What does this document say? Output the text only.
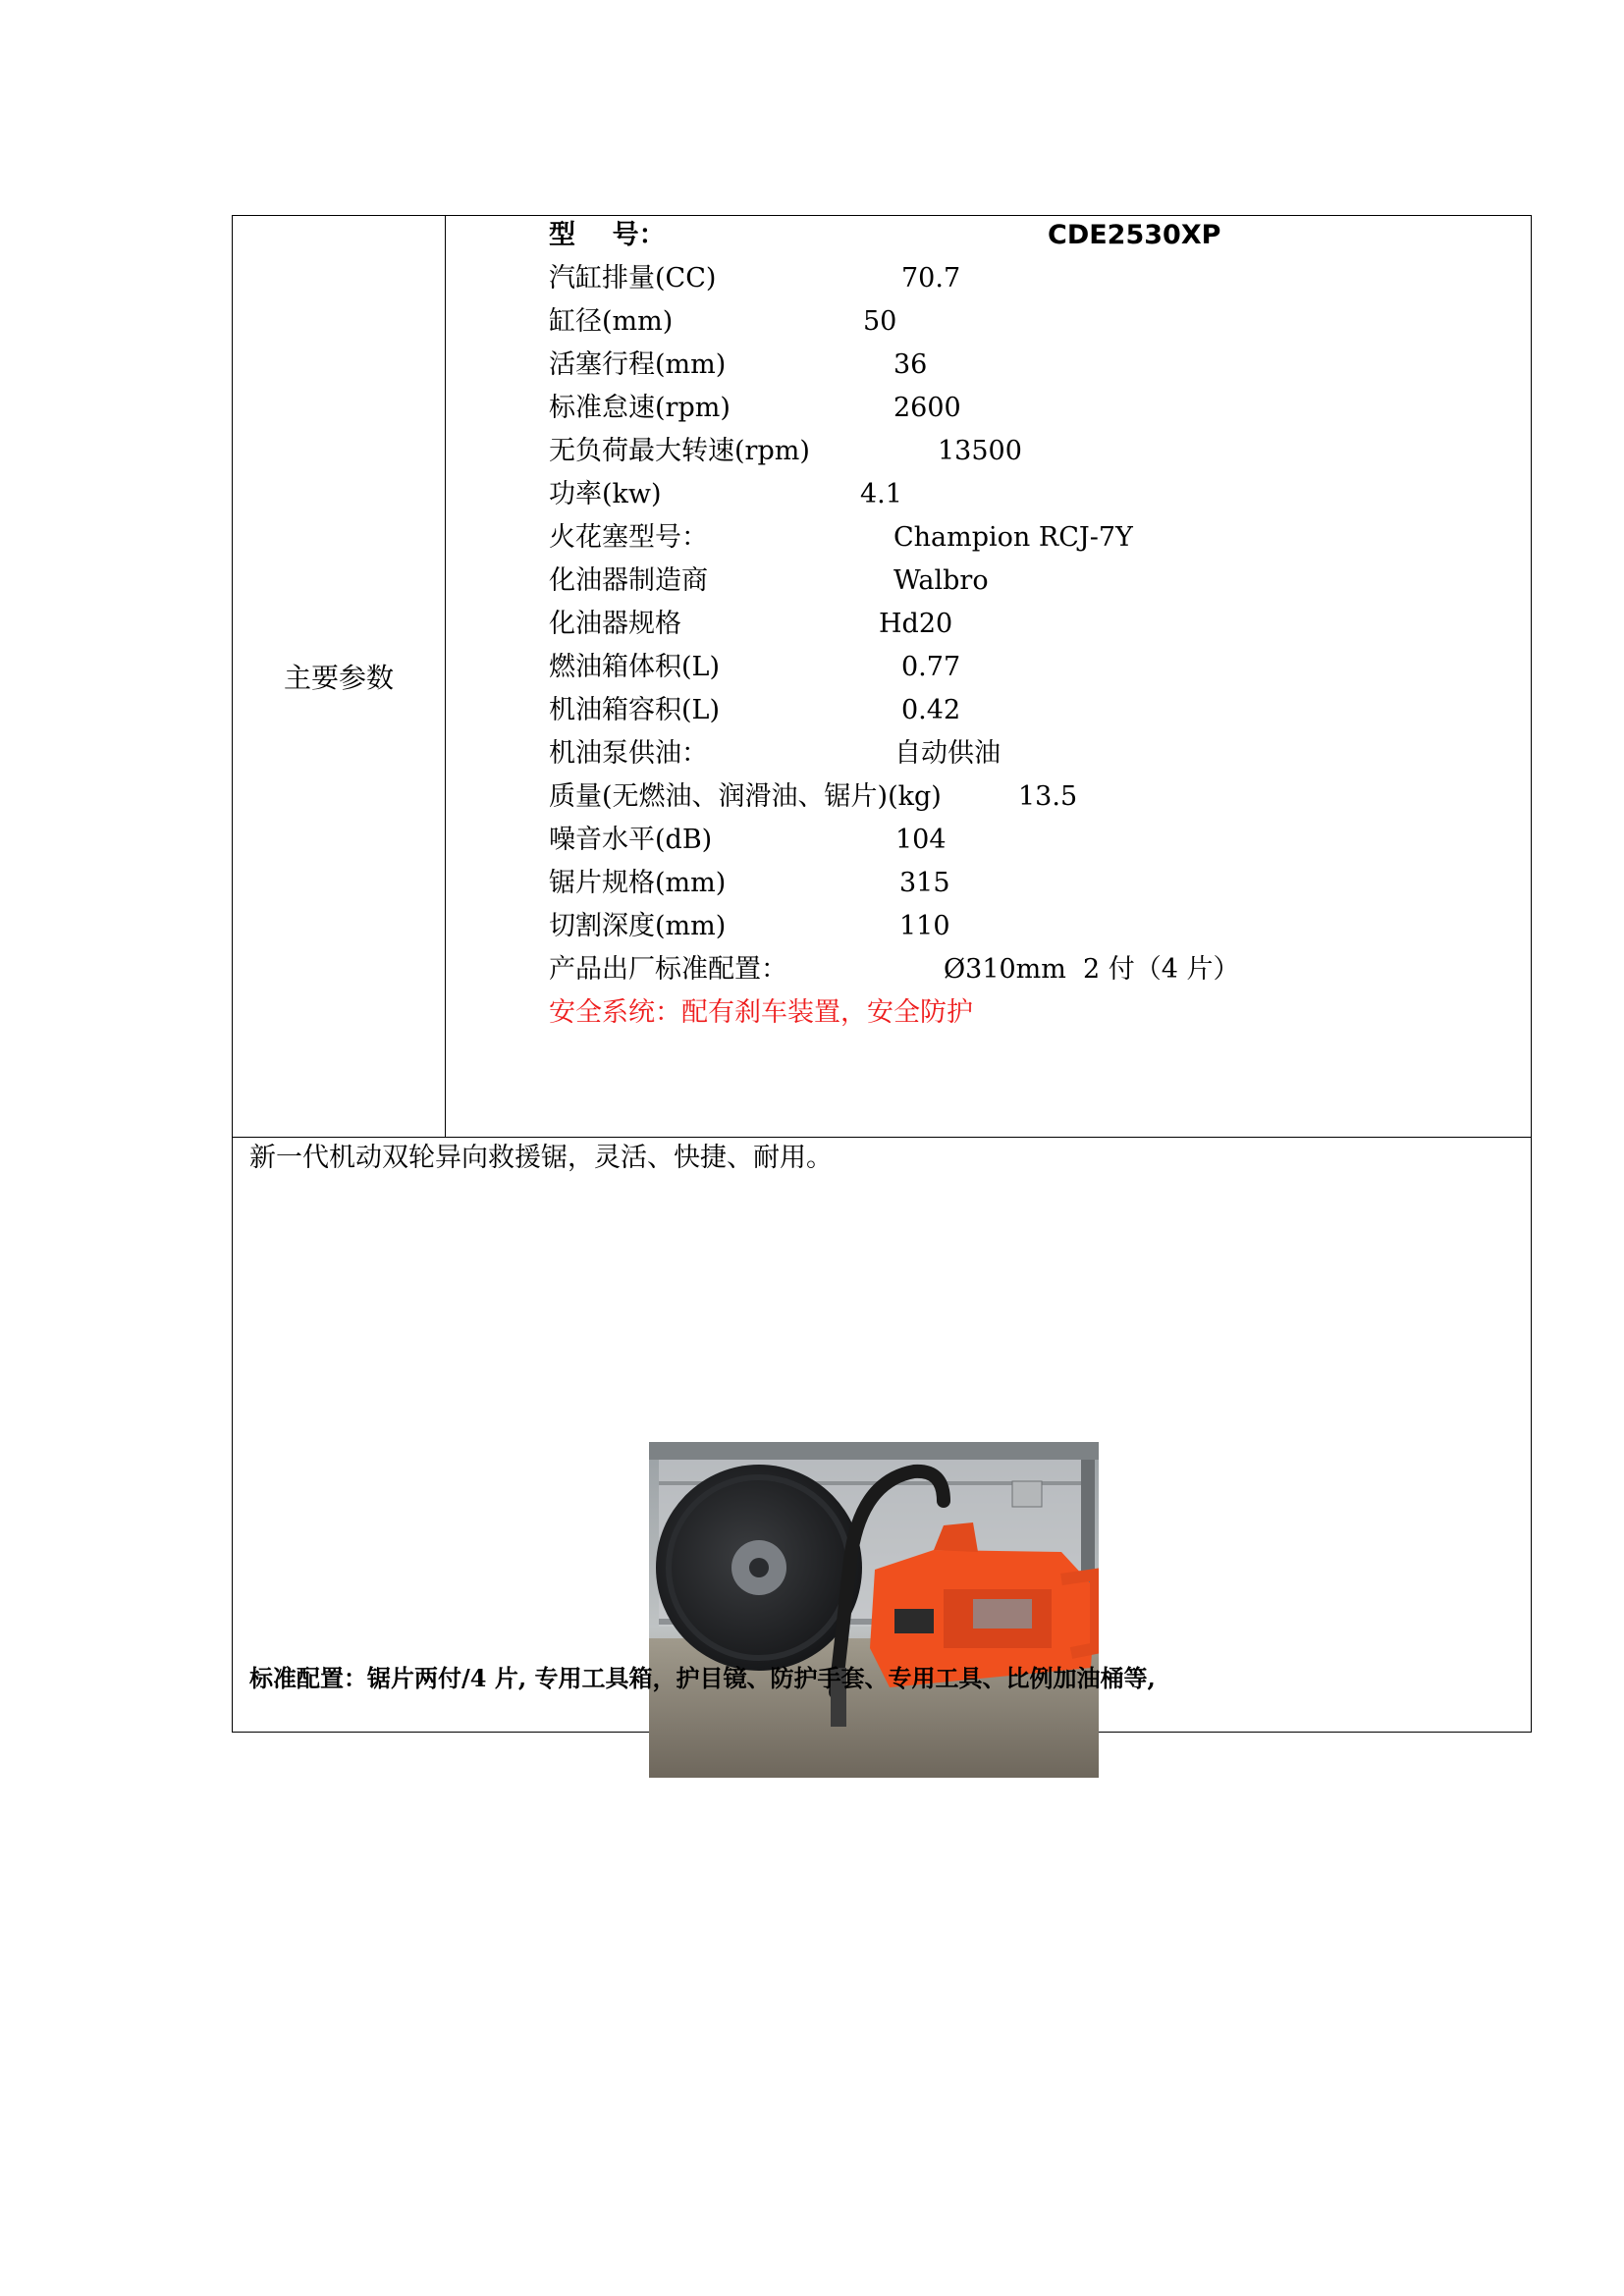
主要参数
型    号：	CDE2530XP
汽缸排量(CC)	70.7
缸径(mm)	50
活塞行程(mm)	36
标准怠速(rpm)	2600
无负荷最大转速(rpm)	13500
功率(kw)	4.1
火花塞型号：	Champion RCJ-7Y
化油器制造商	Walbro
化油器规格	Hd20
燃油箱体积(L)	0.77
机油箱容积(L)	0.42
机油泵供油：	自动供油
质量(无燃油、润滑油、锯片)(kg)	13.5
噪音水平(dB)	104
锯片规格(mm)	315
切割深度(mm)	110
产品出厂标准配置：	Ø310mm  2 付（4 片）
安全系统：配有刹车装置，安全防护
新一代机动双轮异向救援锯，灵活、快捷、耐用。
标准配置：锯片两付/4 片, 专用工具箱，护目镜、防护手套、专用工具、比例加油桶等,
